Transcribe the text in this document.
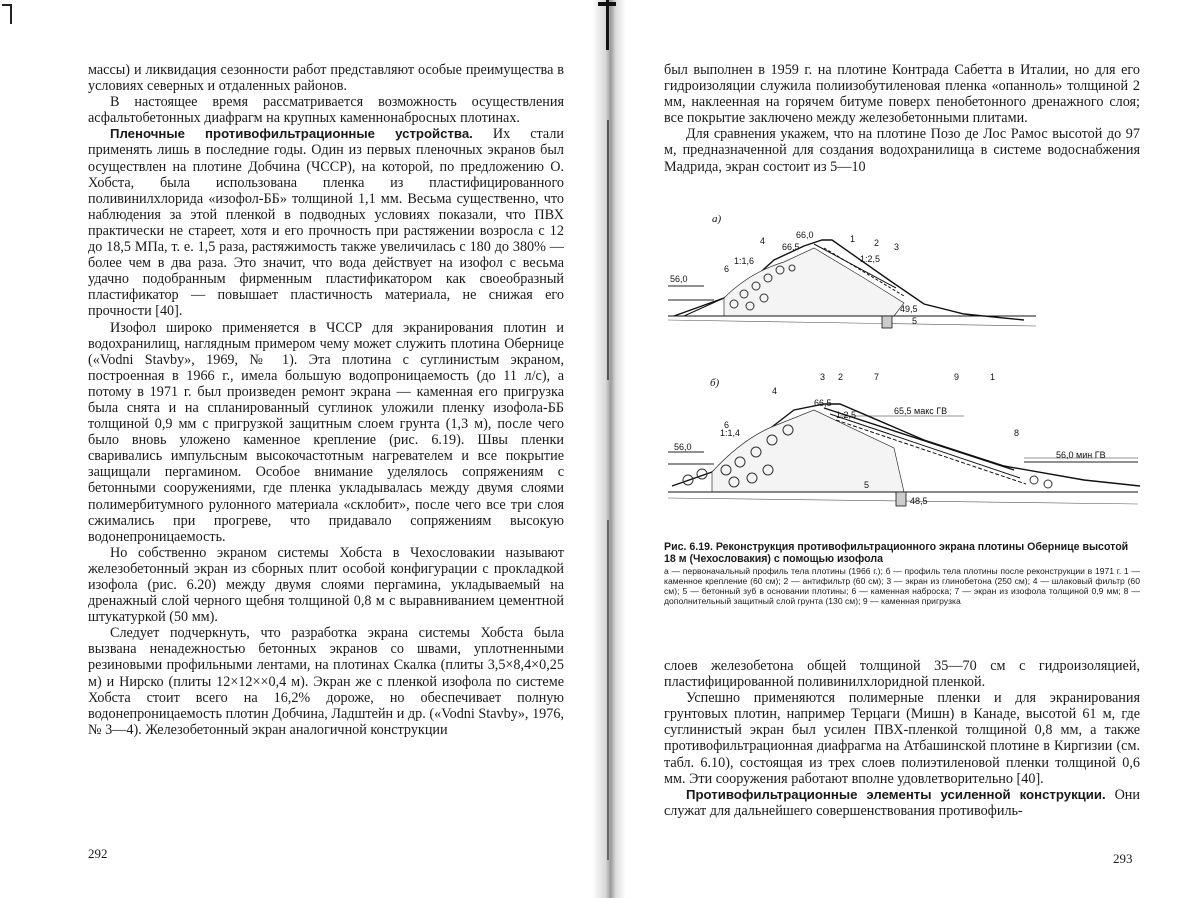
массы) и ликвидация сезонности работ представляют особые преимущества в условиях северных и отдаленных районов.

В настоящее время рассматривается возможность осуществления асфальтобетонных диафрагм на крупных каменнонабросных плотинах.

Пленочные противофильтрационные устройства. Их стали применять лишь в последние годы. Один из первых пленочных экранов был осуществлен на плотине Добчина (ЧССР), на которой, по предложению О. Хобста, была использована пленка из пластифицированного поливинилхлорида «изофол-ББ» толщиной 1,1 мм. Весьма существенно, что наблюдения за этой пленкой в подводных условиях показали, что ПВХ практически не стареет, хотя и его прочность при растяжении возросла с 12 до 18,5 МПа, т. е. 1,5 раза, растяжимость также увеличилась с 180 до 380% — более чем в два раза. Это значит, что вода действует на изофол с весьма удачно подобранным фирменным пластификатором как своеобразный пластификатор — повышает пластичность материала, не снижая его прочности [40].

Изофол широко применяется в ЧССР для экранирования плотин и водохранилищ, наглядным примером чему может служить плотина Обернице («Vodni Stavby», 1969, № 1). Эта плотина с суглинистым экраном, построенная в 1966 г., имела большую водопроницаемость (до 11 л/с), а потому в 1971 г. был произведен ремонт экрана — каменная его пригрузка была снята и на спланированный суглинок уложили пленку изофола-ББ толщиной 0,9 мм с пригрузкой защитным слоем грунта (1,3 м), после чего было вновь уложено каменное крепление (рис. 6.19). Швы пленки сваривались импульсным высокочастотным нагревателем и все покрытие защищали пергамином. Особое внимание уделялось сопряжениям с бетонными сооружениями, где пленка укладывалась между двумя слоями полимербитумного рулонного материала «склобит», после чего все три слоя сжимались при прогреве, что придавало сопряжениям высокую водонепроницаемость.

Но собственно экраном системы Хобста в Чехословакии называют железобетонный экран из сборных плит особой конфигурации с прокладкой изофола (рис. 6.20) между двумя слоями пергамина, укладываемый на дренажный слой черного щебня толщиной 0,8 м с выравниванием цементной штукатуркой (50 мм).

Следует подчеркнуть, что разработка экрана системы Хобста была вызвана ненадежностью бетонных экранов со швами, уплотненными резиновыми профильными лентами, на плотинах Скалка (плиты 3,5×8,4×0,25 м) и Нирско (плиты 12×12××0,4 м). Экран же с пленкой изофола по системе Хобста стоит всего на 16,2% дороже, но обеспечивает полную водонепроницаемость плотин Добчина, Ладштейн и др. («Vodni Stavby», 1976, № 3—4). Железобетонный экран аналогичной конструкции

292

был выполнен в 1959 г. на плотине Контрада Сабетта в Италии, но для его гидроизоляции служила полиизобутиленовая пленка «опанноль» толщиной 2 мм, наклеенная на горячем битуме поверх пенобетонного дренажного слоя; все покрытие заключено между железобетонными плитами.

Для сравнения укажем, что на плотине Позо де Лос Рамос высотой до 97 м, предназначенной для создания водохранилища в системе водоснабжения Мадрида, экран состоит из 5—10

а)
66,0
66,5
56,0
49,5
1:1,6	1:2,5
1 2 3
4
5
6
б)
66,5
65,5 макс ГВ
56,0 мин ГВ
56,0
48,5
1:1,4
1:2,5
1
2
3
4
5
6
7
8
9

Рис. 6.19. Реконструкция противофильтрационного экрана плотины Обернице высотой 18 м (Чехословакия) с помощью изофола

а — первоначальный профиль тела плотины (1966 г.); б — профиль тела плотины после реконструкции в 1971 г. 1 — каменное крепление (60 см); 2 — антифильтр (60 см); 3 — экран из глинобетона (250 см); 4 — шлаковый фильтр (60 см); 5 — бетонный зуб в основании плотины; 6 — каменная наброска; 7 — экран из изофола толщиной 0,9 мм; 8 — дополнительный защитный слой грунта (130 см); 9 — каменная пригрузка

слоев железобетона общей толщиной 35—70 см с гидроизоляцией, пластифицированной поливинилхлоридной пленкой.

Успешно применяются полимерные пленки и для экранирования грунтовых плотин, например Терцаги (Мишн) в Канаде, высотой 61 м, где суглинистый экран был усилен ПВХ-пленкой толщиной 0,8 мм, а также противофильтрационная диафрагма на Атбашинской плотине в Киргизии (см. табл. 6.10), состоящая из трех слоев полиэтиленовой пленки толщиной 0,6 мм. Эти сооружения работают вполне удовлетворительно [40].

Противофильтрационные элементы усиленной конструкции. Они служат для дальнейшего совершенствования противофиль-

293
